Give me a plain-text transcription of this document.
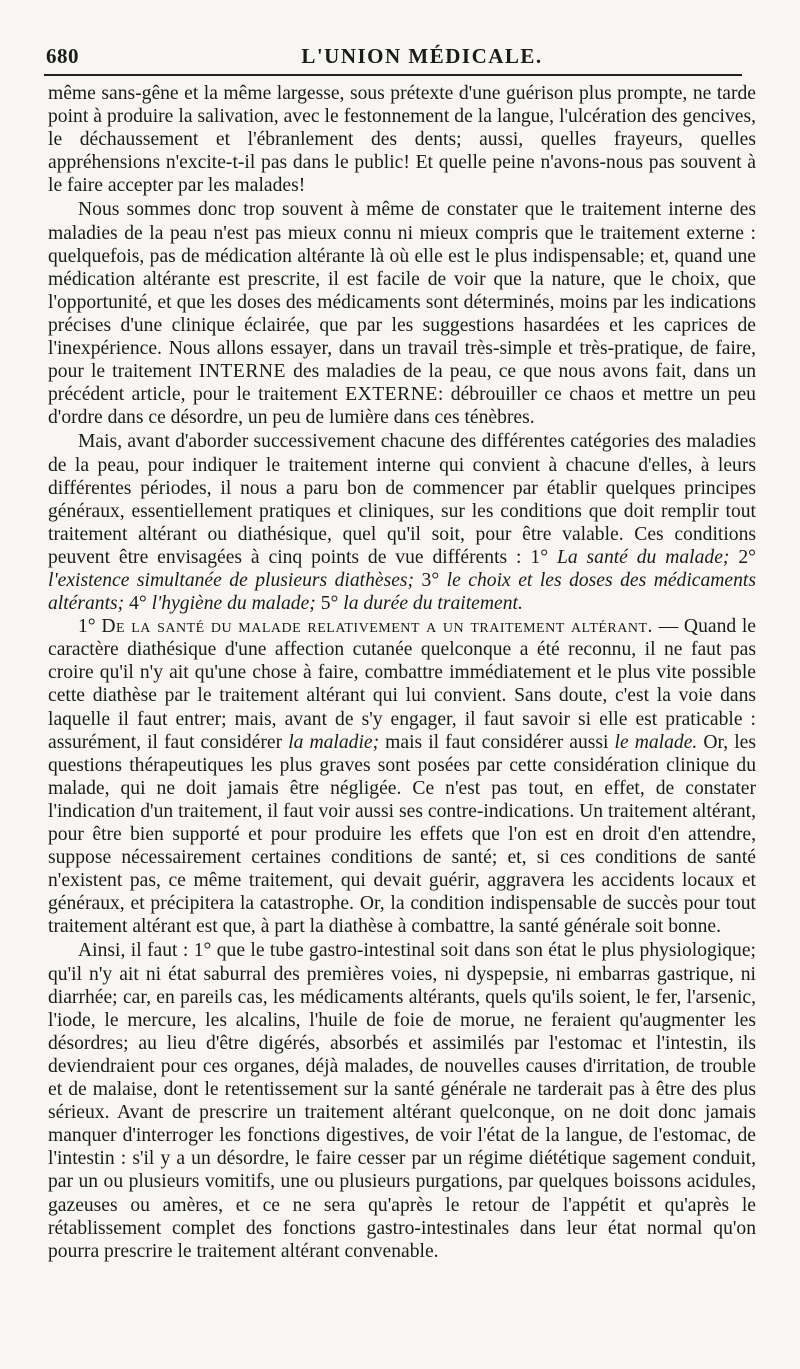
680	L'UNION MÉDICALE.

même sans-gêne et la même largesse, sous prétexte d'une guérison plus prompte, ne tarde point à produire la salivation, avec le festonnement de la langue, l'ulcération des gencives, le déchaussement et l'ébranlement des dents; aussi, quelles frayeurs, quelles appréhensions n'excite-t-il pas dans le public! Et quelle peine n'avons-nous pas souvent à le faire accepter par les malades!

Nous sommes donc trop souvent à même de constater que le traitement interne des maladies de la peau n'est pas mieux connu ni mieux compris que le traitement externe : quelquefois, pas de médication altérante là où elle est le plus indispensable; et, quand une médication altérante est prescrite, il est facile de voir que la nature, que le choix, que l'opportunité, et que les doses des médicaments sont déterminés, moins par les indications précises d'une clinique éclairée, que par les suggestions hasardées et les caprices de l'inexpérience. Nous allons essayer, dans un travail très-simple et très-pratique, de faire, pour le traitement INTERNE des maladies de la peau, ce que nous avons fait, dans un précédent article, pour le traitement EXTERNE: débrouiller ce chaos et mettre un peu d'ordre dans ce désordre, un peu de lumière dans ces ténèbres.

Mais, avant d'aborder successivement chacune des différentes catégories des maladies de la peau, pour indiquer le traitement interne qui convient à chacune d'elles, à leurs différentes périodes, il nous a paru bon de commencer par établir quelques principes généraux, essentiellement pratiques et cliniques, sur les conditions que doit remplir tout traitement altérant ou diathésique, quel qu'il soit, pour être valable. Ces conditions peuvent être envisagées à cinq points de vue différents : 1° La santé du malade; 2° l'existence simultanée de plusieurs diathèses; 3° le choix et les doses des médicaments altérants; 4° l'hygiène du malade; 5° la durée du traitement.

1° De la santé du malade relativement a un traitement altérant. — Quand le caractère diathésique d'une affection cutanée quelconque a été reconnu, il ne faut pas croire qu'il n'y ait qu'une chose à faire, combattre immédiatement et le plus vite possible cette diathèse par le traitement altérant qui lui convient. Sans doute, c'est la voie dans laquelle il faut entrer; mais, avant de s'y engager, il faut savoir si elle est praticable : assurément, il faut considérer la maladie; mais il faut considérer aussi le malade. Or, les questions thérapeutiques les plus graves sont posées par cette considération clinique du malade, qui ne doit jamais être négligée. Ce n'est pas tout, en effet, de constater l'indication d'un traitement, il faut voir aussi ses contre-indications. Un traitement altérant, pour être bien supporté et pour produire les effets que l'on est en droit d'en attendre, suppose nécessairement certaines conditions de santé; et, si ces conditions de santé n'existent pas, ce même traitement, qui devait guérir, aggravera les accidents locaux et généraux, et précipitera la catastrophe. Or, la condition indispensable de succès pour tout traitement altérant est que, à part la diathèse à combattre, la santé générale soit bonne.

Ainsi, il faut : 1° que le tube gastro-intestinal soit dans son état le plus physiologique; qu'il n'y ait ni état saburral des premières voies, ni dyspepsie, ni embarras gastrique, ni diarrhée; car, en pareils cas, les médicaments altérants, quels qu'ils soient, le fer, l'arsenic, l'iode, le mercure, les alcalins, l'huile de foie de morue, ne feraient qu'augmenter les désordres; au lieu d'être digérés, absorbés et assimilés par l'estomac et l'intestin, ils deviendraient pour ces organes, déjà malades, de nouvelles causes d'irritation, de trouble et de malaise, dont le retentissement sur la santé générale ne tarderait pas à être des plus sérieux. Avant de prescrire un traitement altérant quelconque, on ne doit donc jamais manquer d'interroger les fonctions digestives, de voir l'état de la langue, de l'estomac, de l'intestin : s'il y a un désordre, le faire cesser par un régime diététique sagement conduit, par un ou plusieurs vomitifs, une ou plusieurs purgations, par quelques boissons acidules, gazeuses ou amères, et ce ne sera qu'après le retour de l'appétit et qu'après le rétablissement complet des fonctions gastro-intestinales dans leur état normal qu'on pourra prescrire le traitement altérant convenable.
